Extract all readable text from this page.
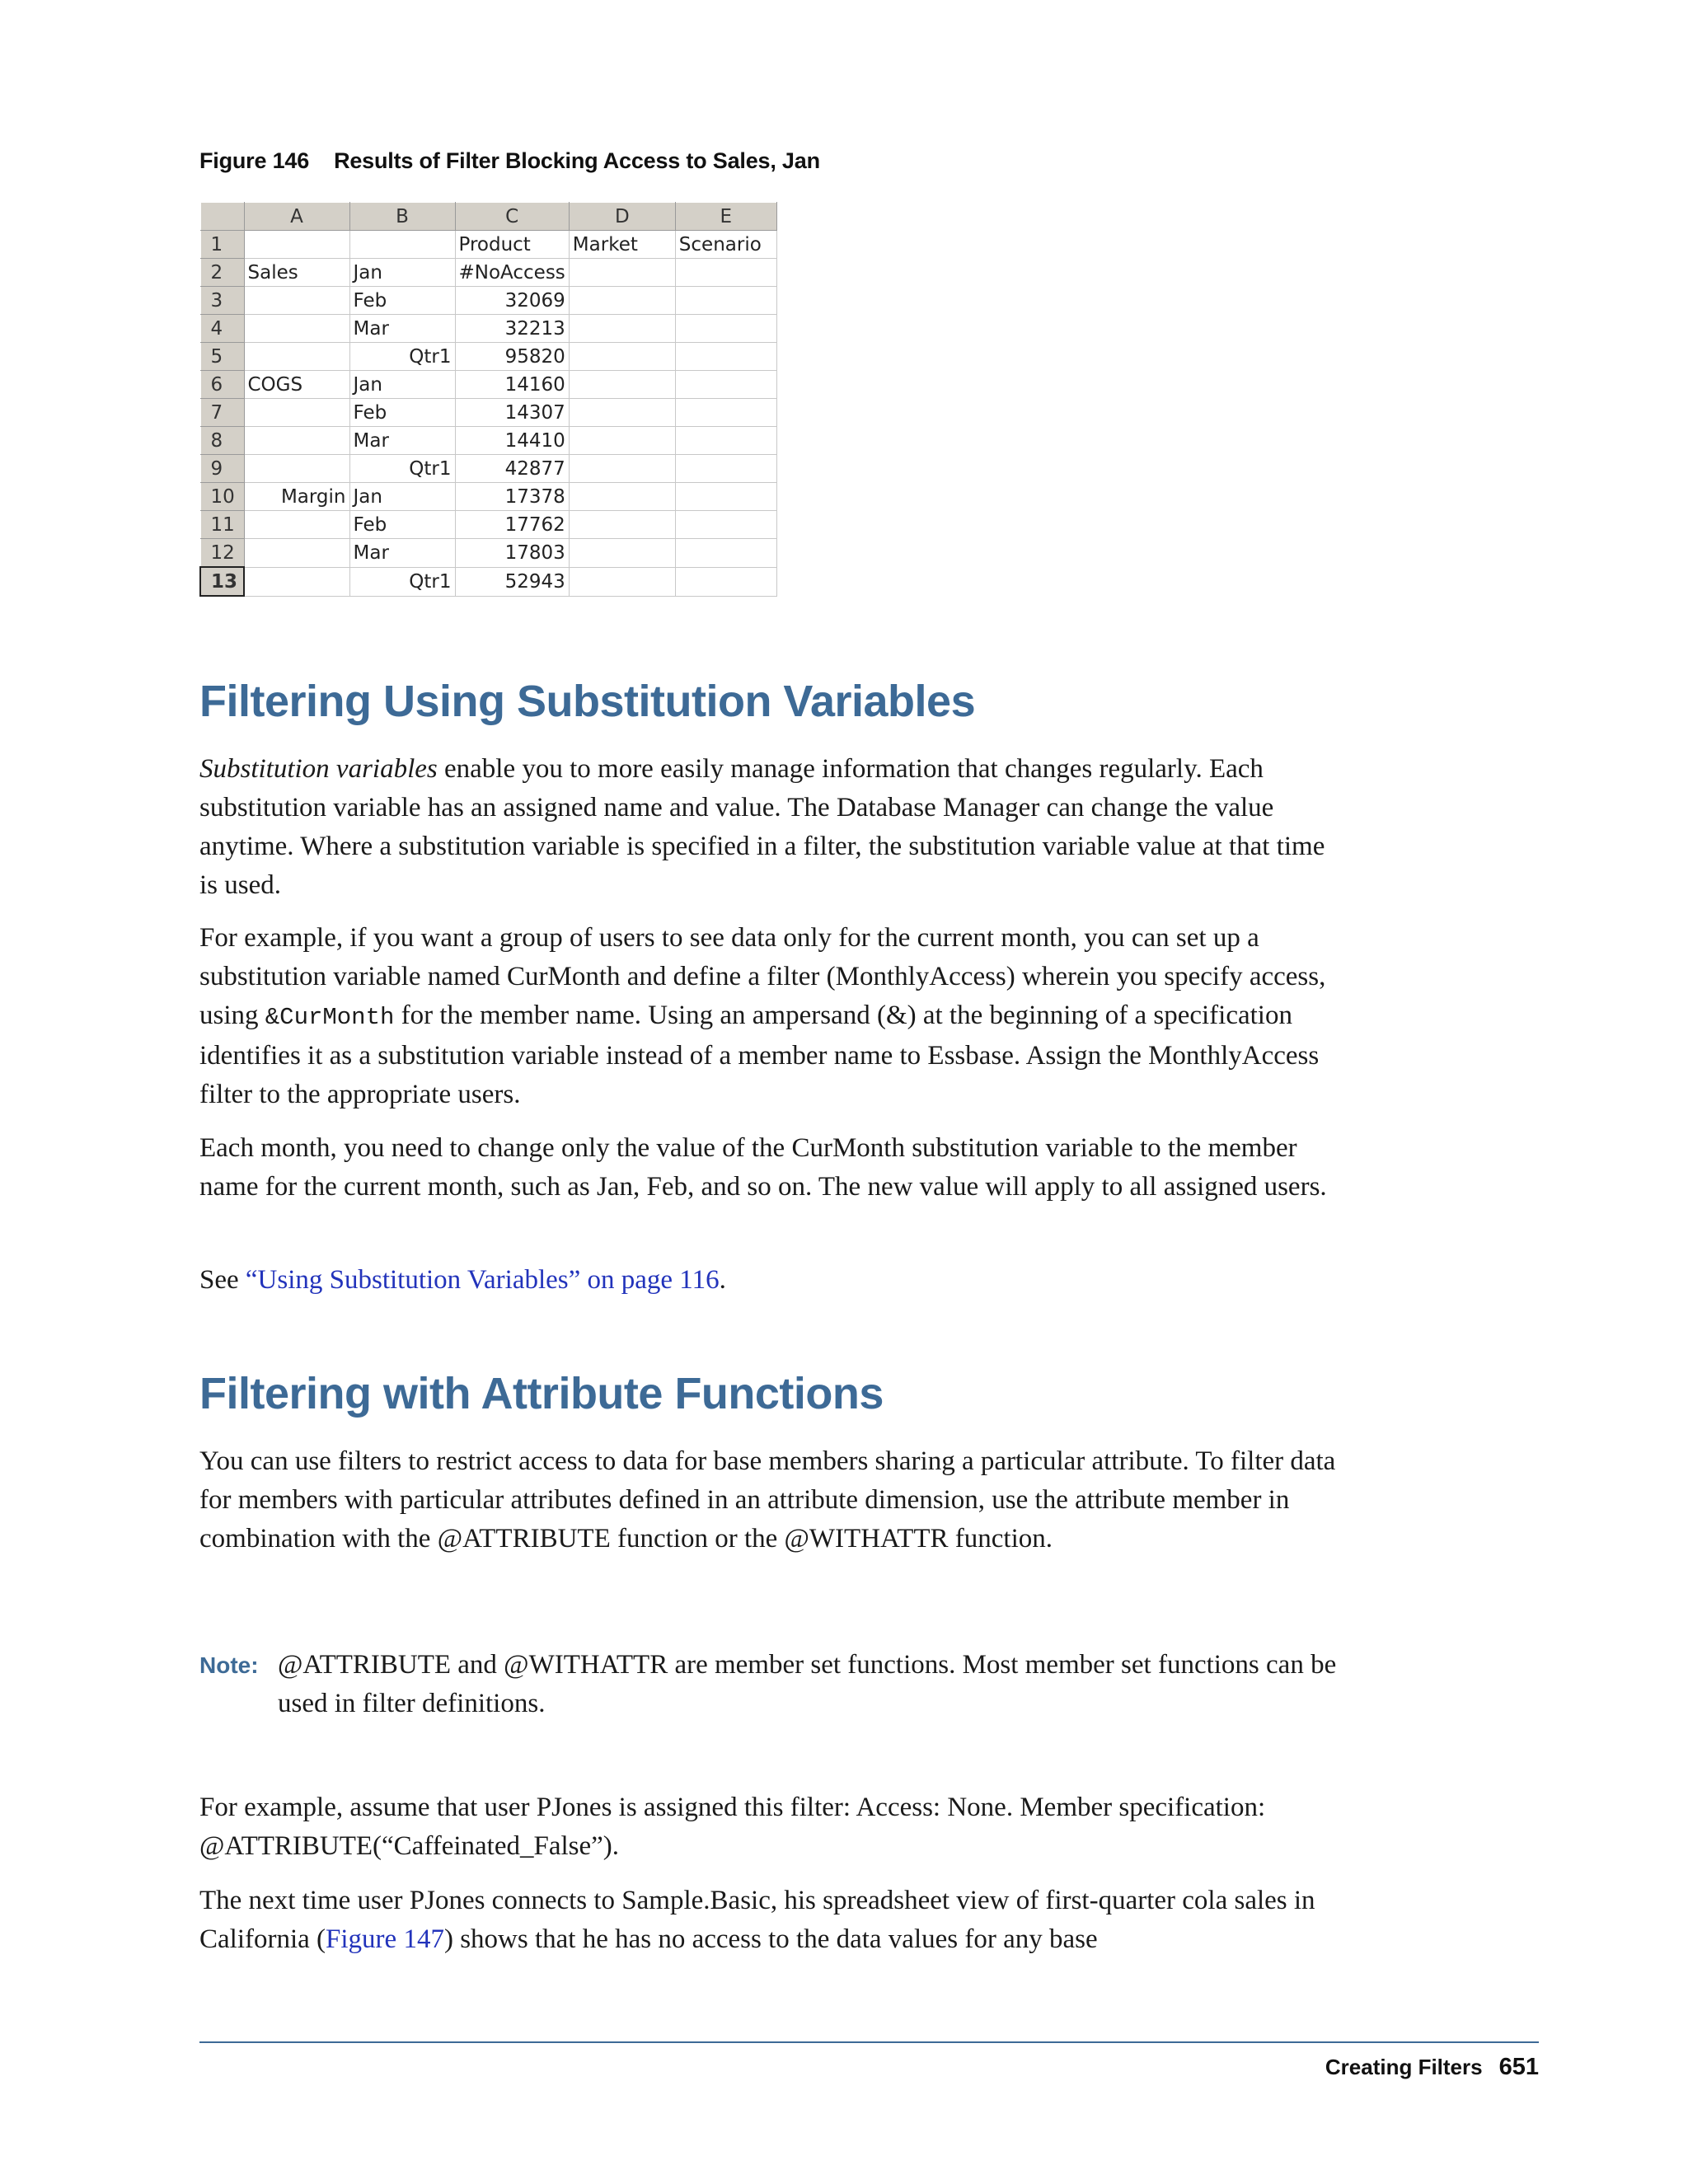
Figure 146 Results of Filter Blocking Access to Sales, Jan
	A	B	C	D	E
1			Product	Market	Scenario
2	Sales	Jan	#NoAccess		
3		Feb	32069		
4		Mar	32213		
5		Qtr1	95820		
6	COGS	Jan	14160		
7		Feb	14307		
8		Mar	14410		
9		Qtr1	42877		
10	Margin	Jan	17378		
11		Feb	17762		
12		Mar	17803		
13		Qtr1	52943		
Filtering Using Substitution Variables

Substitution variables enable you to more easily manage information that changes regularly. Each substitution variable has an assigned name and value. The Database Manager can change the value anytime. Where a substitution variable is specified in a filter, the substitution variable value at that time is used.

For example, if you want a group of users to see data only for the current month, you can set up a substitution variable named CurMonth and define a filter (MonthlyAccess) wherein you specify access, using &CurMonth for the member name. Using an ampersand (&) at the beginning of a specification identifies it as a substitution variable instead of a member name to Essbase. Assign the MonthlyAccess filter to the appropriate users.

Each month, you need to change only the value of the CurMonth substitution variable to the member name for the current month, such as Jan, Feb, and so on. The new value will apply to all assigned users.

See “Using Substitution Variables” on page 116.

Filtering with Attribute Functions

You can use filters to restrict access to data for base members sharing a particular attribute. To filter data for members with particular attributes defined in an attribute dimension, use the attribute member in combination with the @ATTRIBUTE function or the @WITHATTR function.

Note: @ATTRIBUTE and @WITHATTR are member set functions. Most member set functions can be used in filter definitions.

For example, assume that user PJones is assigned this filter: Access: None. Member specification: @ATTRIBUTE(“Caffeinated_False”).

The next time user PJones connects to Sample.Basic, his spreadsheet view of first-quarter cola sales in California (Figure 147) shows that he has no access to the data values for any base

Creating Filters 651
